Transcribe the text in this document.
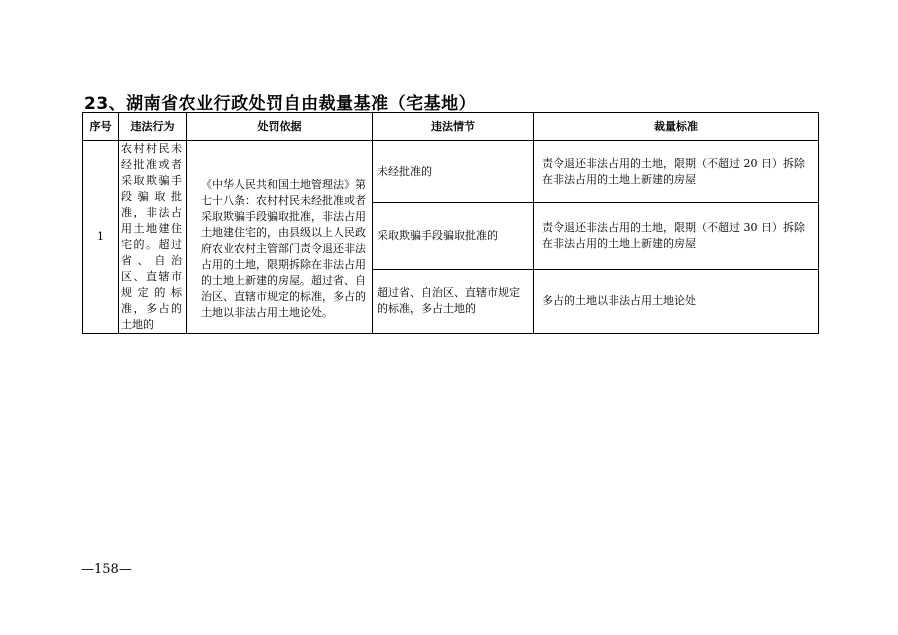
23、湖南省农业行政处罚自由裁量基准（宅基地）
序号	违法行为	处罚依据	违法情节	裁量标准
1	农村村民未经批准或者采取欺骗手段 骗 取 批准，非法占用土地建住宅的。超过省、自治区、直辖市规定的标准，多占的土地的	《中华人民共和国土地管理法》第七十八条：农村村民未经批准或者采取欺骗手段骗取批准，非法占用土地建住宅的，由县级以上人民政府农业农村主管部门责令退还非法占用的土地，限期拆除在非法占用的土地上新建的房屋。超过省、自治区、直辖市规定的标准，多占的土地以非法占用土地论处。	未经批准的	责令退还非法占用的土地，限期（不超过 20 日）拆除在非法占用的土地上新建的房屋
			采取欺骗手段骗取批准的	责令退还非法占用的土地，限期（不超过 30 日）拆除在非法占用的土地上新建的房屋
			超过省、自治区、直辖市规定的标准，多占土地的	多占的土地以非法占用土地论处
—158—
